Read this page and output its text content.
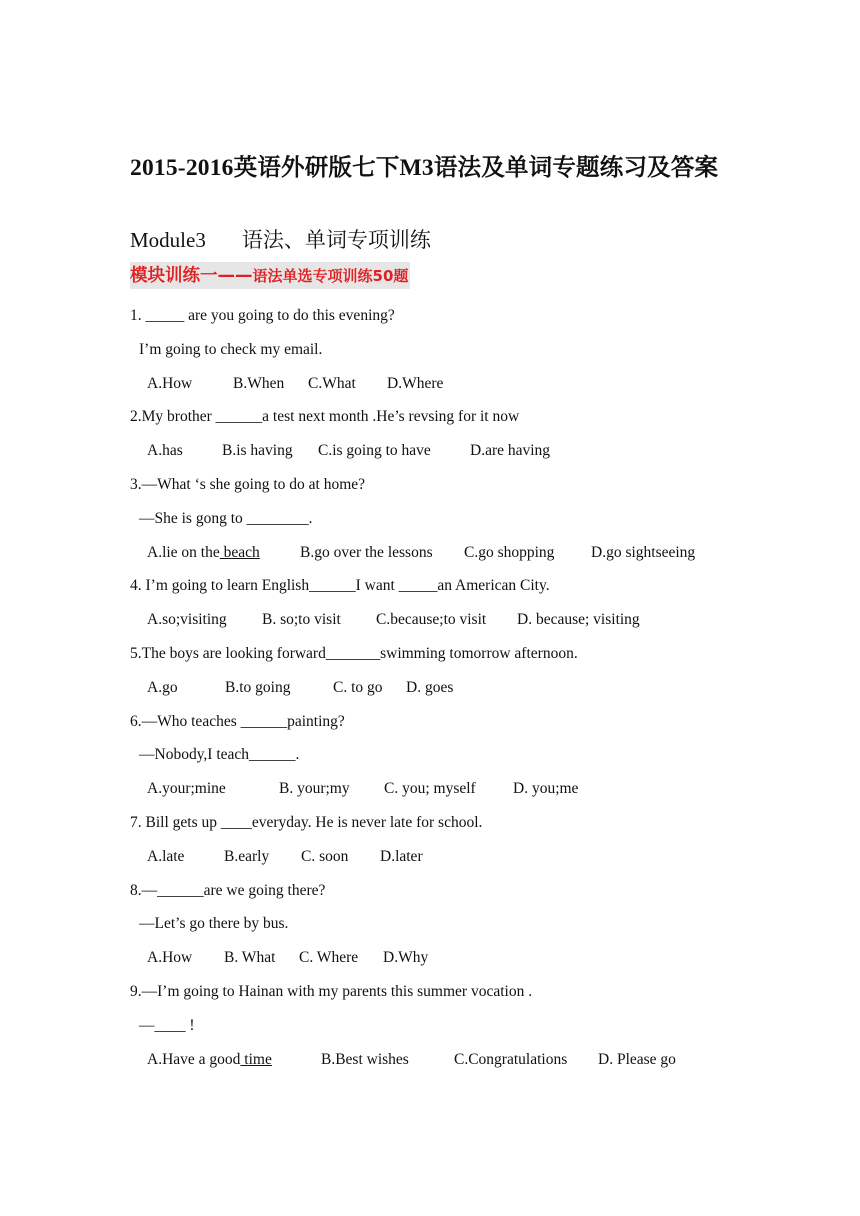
2015-2016英语外研版七下M3语法及单词专题练习及答案
Module3 语法、单词专项训练
模块训练一——语法单选专项训练50题
1. _____ are you going to do this evening?
I’m going to check my email.
A.How	B.When C.What D.Where
2.My brother ______a test next month .He’s revsing for it now
A.has	B.is having C.is going to have	D.are having
3.—What ‘s she going to do at home?
—She is gong to ________.
A.lie on the beach	B.go over the lessons C.go shopping D.go sightseeing
4. I’m going to learn English______I want _____an American City.
A.so;visiting B. so;to visit C.because;to visit D. because; visiting
5.The boys are looking forward_______swimming tomorrow afternoon.
A.go	B.to going	C. to go D. goes
6.—Who teaches ______painting?
—Nobody,I teach______.
A.your;mine	B. your;my C. you; myself D. you;me
7. Bill gets up ____everyday. He is never late for school.
A.late	B.early C. soon D.later
8.—______are we going there?
—Let’s go there by bus.
A.How B. What C. Where D.Why
9.—I’m going to Hainan with my parents this summer vocation .
—____ !
A.Have a good time	B.Best wishes	C.Congratulations D. Please go
